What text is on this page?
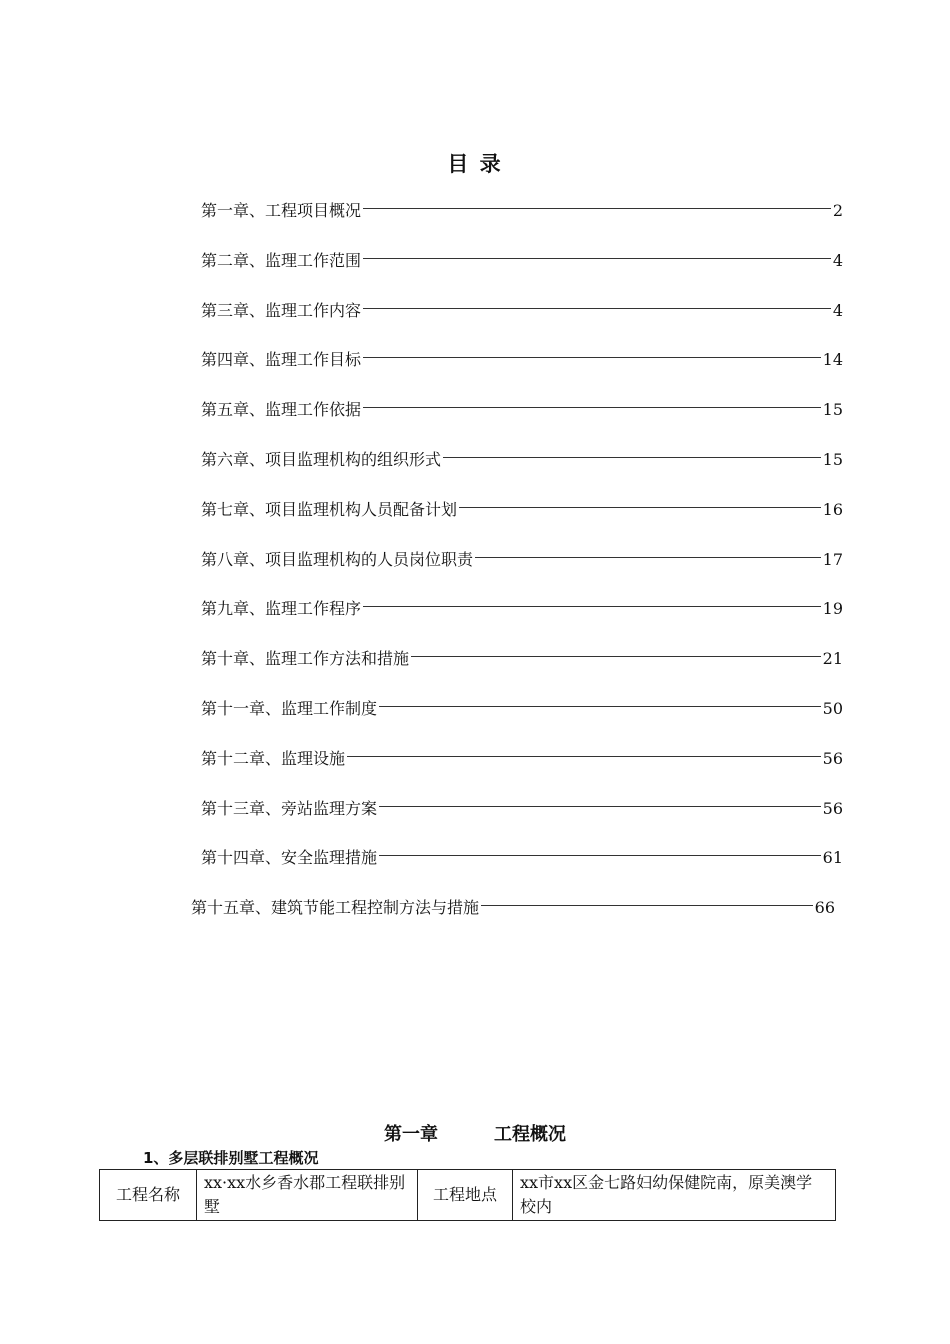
目 录
第一章、工程项目概况	2
第二章、监理工作范围	4
第三章、监理工作内容	4
第四章、监理工作目标	14
第五章、监理工作依据	15
第六章、项目监理机构的组织形式	15
第七章、项目监理机构人员配备计划	16
第八章、项目监理机构的人员岗位职责	17
第九章、监理工作程序	19
第十章、监理工作方法和措施	21
第十一章、监理工作制度	50
第十二章、监理设施	56
第十三章、旁站监理方案	56
第十四章、安全监理措施	61
第十五章、建筑节能工程控制方法与措施	66
第一章	工程概况
1、多层联排别墅工程概况
工程名称	xx·xx水乡香水郡工程联排别墅	工程地点	xx市xx区金七路妇幼保健院南，原美澳学校内
